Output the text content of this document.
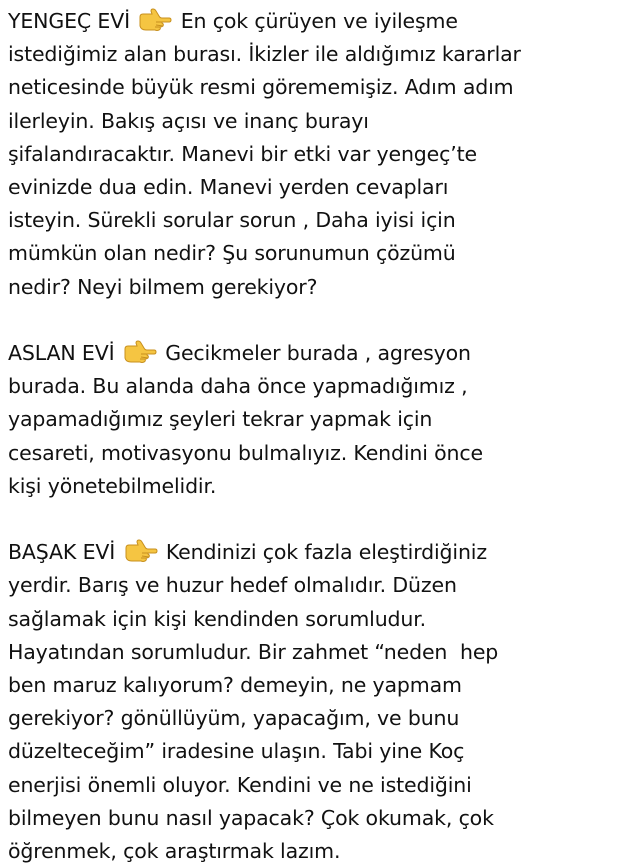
YENGEÇ EVİ  En çok çürüyen ve iyileşme
istediğimiz alan burası. İkizler ile aldığımız kararlar
neticesinde büyük resmi görememişiz. Adım adım
ilerleyin. Bakış açısı ve inanç burayı
şifalandıracaktır. Manevi bir etki var yengeç’te
evinizde dua edin. Manevi yerden cevapları
isteyin. Sürekli sorular sorun , Daha iyisi için
mümkün olan nedir? Şu sorunumun çözümü
nedir? Neyi bilmem gerekiyor?
ASLAN EVİ  Gecikmeler burada , agresyon
burada. Bu alanda daha önce yapmadığımız ,
yapamadığımız şeyleri tekrar yapmak için
cesareti, motivasyonu bulmalıyız. Kendini önce
kişi yönetebilmelidir.
BAŞAK EVİ  Kendinizi çok fazla eleştirdiğiniz
yerdir. Barış ve huzur hedef olmalıdır. Düzen
sağlamak için kişi kendinden sorumludur.
Hayatından sorumludur. Bir zahmet “neden  hep
ben maruz kalıyorum? demeyin, ne yapmam
gerekiyor? gönüllüyüm, yapacağım, ve bunu
düzelteceğim” iradesine ulaşın. Tabi yine Koç
enerjisi önemli oluyor. Kendini ve ne istediğini
bilmeyen bunu nasıl yapacak? Çok okumak, çok
öğrenmek, çok araştırmak lazım.
